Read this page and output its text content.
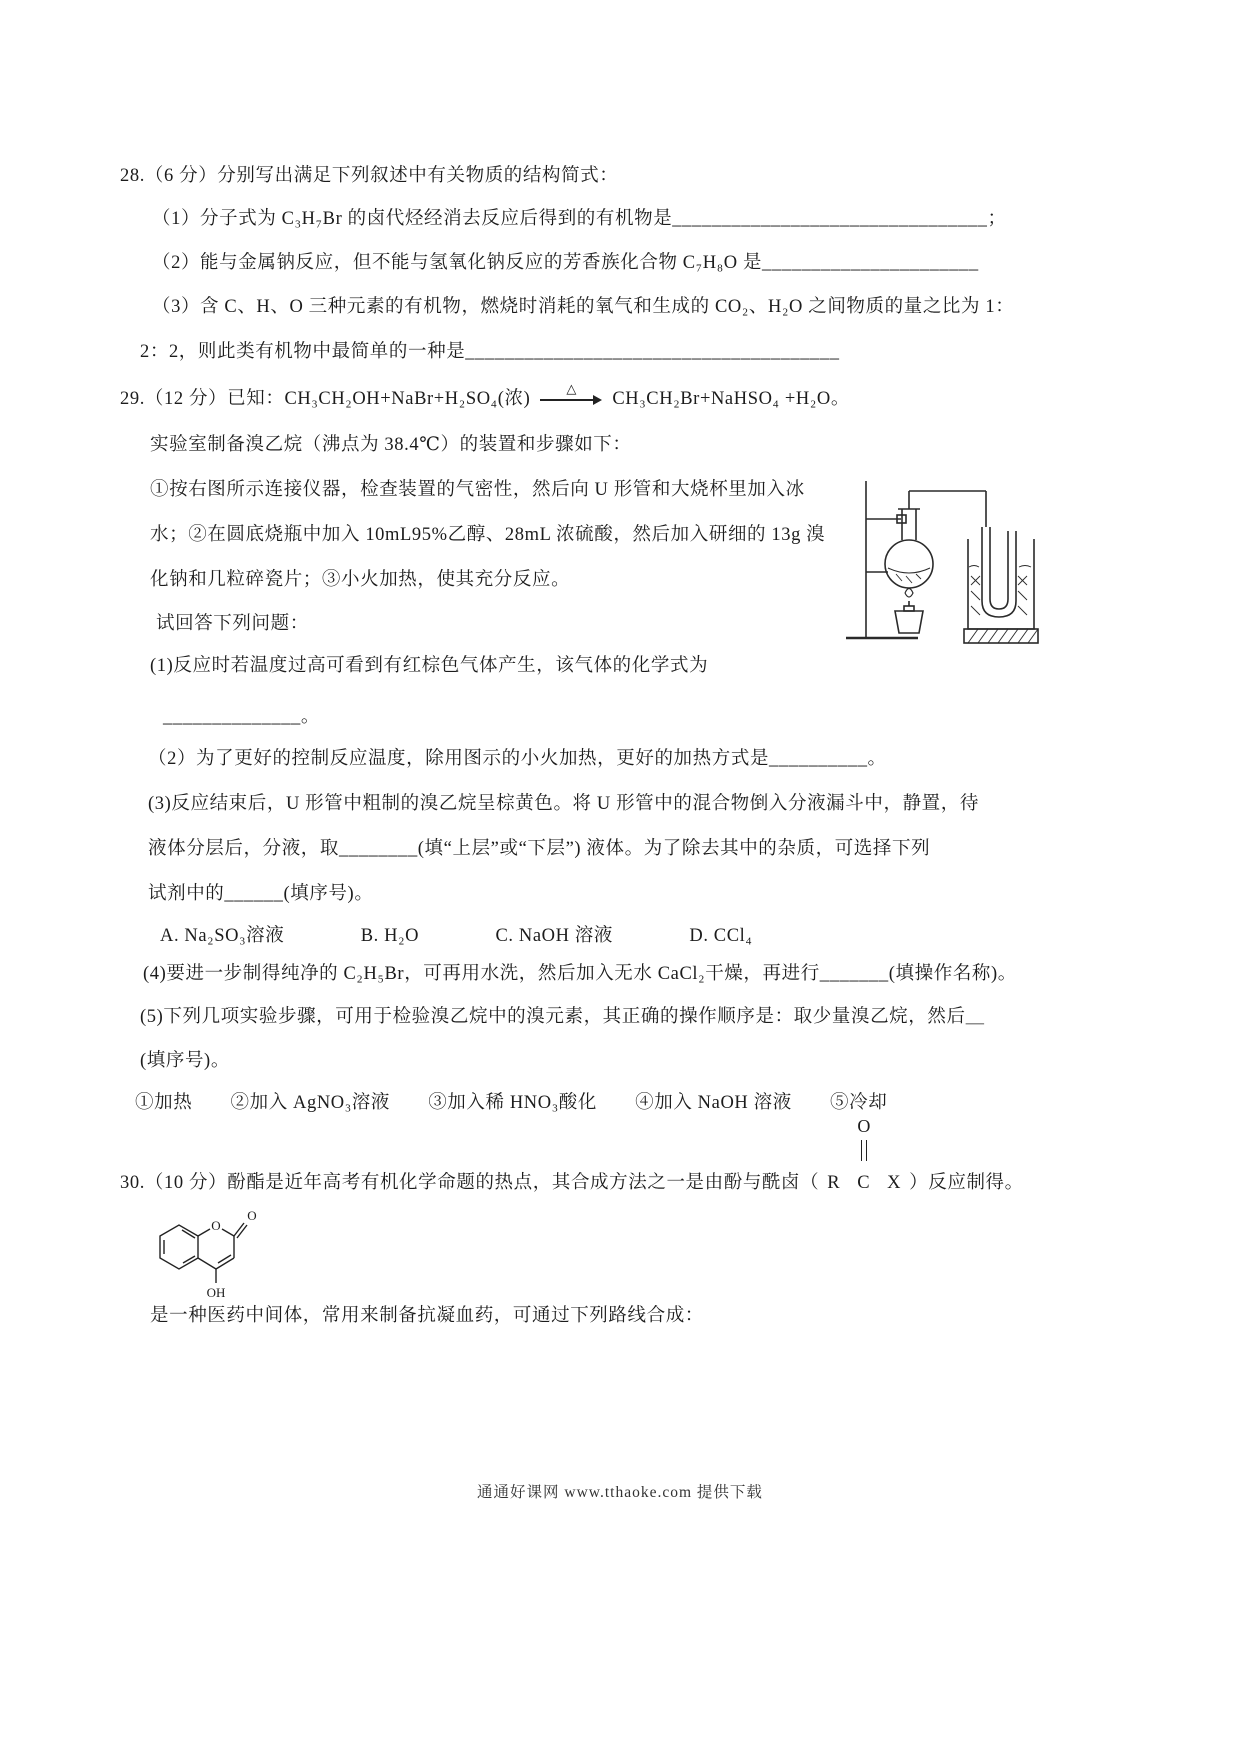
28.（6 分）分别写出满足下列叙述中有关物质的结构简式：
（1）分子式为 C₃H₇Br 的卤代烃经消去反应后得到的有机物是________________________________；
（2）能与金属钠反应，但不能与氢氧化钠反应的芳香族化合物 C₇H₈O 是______________________
（3）含 C、H、O 三种元素的有机物，燃烧时消耗的氧气和生成的 CO₂、H₂O 之间物质的量之比为 1：
2：2，则此类有机物中最简单的一种是______________________________________
29.（12 分）已知：CH₃CH₂OH+NaBr+H₂SO₄(浓)
△
CH₃CH₂Br+NaHSO₄ +H₂O。
实验室制备溴乙烷（沸点为 38.4℃）的装置和步骤如下：
①按右图所示连接仪器，检查装置的气密性，然后向 U 形管和大烧杯里加入冰
水；②在圆底烧瓶中加入 10mL95%乙醇、28mL 浓硫酸，然后加入研细的 13g 溴
化钠和几粒碎瓷片；③小火加热，使其充分反应。
试回答下列问题：
(1)反应时若温度过高可看到有红棕色气体产生，该气体的化学式为
______________。
（2）为了更好的控制反应温度，除用图示的小火加热，更好的加热方式是__________。
(3)反应结束后，U 形管中粗制的溴乙烷呈棕黄色。将 U 形管中的混合物倒入分液漏斗中，静置，待
液体分层后，分液，取________(填“上层”或“下层”) 液体。为了除去其中的杂质，可选择下列
试剂中的______(填序号)。
A. Na₂SO₃溶液　　　　B. H₂O　　　　C. NaOH 溶液　　　　D. CCl₄
(4)要进一步制得纯净的 C₂H₅Br，可再用水洗，然后加入无水 CaCl₂干燥，再进行_______(填操作名称)。
(5)下列几项实验步骤，可用于检验溴乙烷中的溴元素，其正确的操作顺序是：取少量溴乙烷，然后＿
(填序号)。
①加热　　②加入 AgNO₃溶液　　③加入稀 HNO₃酸化　　④加入 NaOH 溶液　　⑤冷却
30.（10 分）酚酯是近年高考有机化学命题的热点，其合成方法之一是由酚与酰卤（
O
R C X ）反应制得。
O
O
OH
是一种医药中间体，常用来制备抗凝血药，可通过下列路线合成：
通通好课网 www.tthaoke.com 提供下载
